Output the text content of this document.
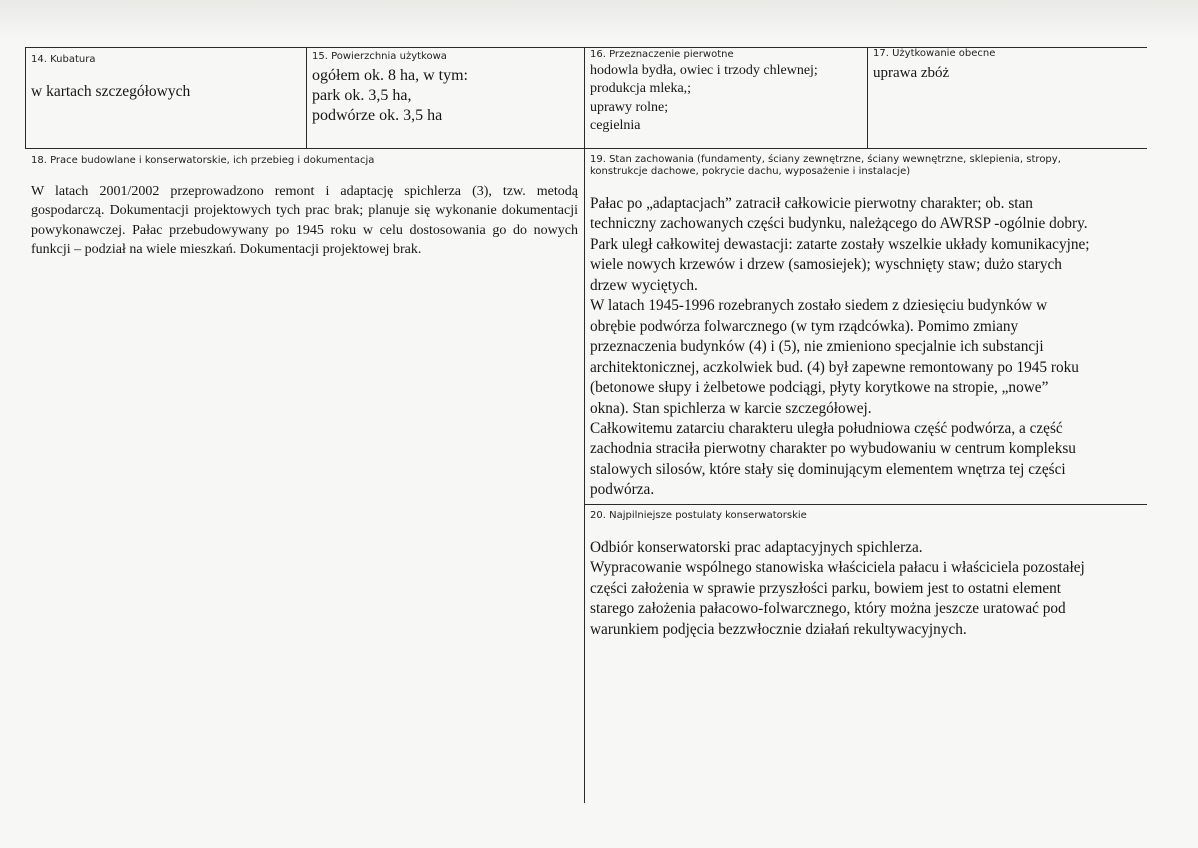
14. Kubatura
w kartach szczegółowych
15. Powierzchnia użytkowa
ogółem ok. 8 ha, w tym:
park ok. 3,5 ha,
podwórze ok. 3,5 ha
16. Przeznaczenie pierwotne
hodowla bydła, owiec i trzody chlewnej;
produkcja mleka,;
uprawy rolne;
cegielnia
17. Użytkowanie obecne
uprawa zbóż
18. Prace budowlane i konserwatorskie, ich przebieg i dokumentacja
W latach 2001/2002 przeprowadzono remont i adaptację spichlerza (3), tzw. metodą gospodarczą. Dokumentacji projektowych tych prac brak; planuje się wykonanie dokumentacji powykonawczej. Pałac przebudowywany po 1945 roku w celu dostosowania go do nowych funkcji – podział na wiele mieszkań. Dokumentacji projektowej brak.
19. Stan zachowania (fundamenty, ściany zewnętrzne, ściany wewnętrzne, sklepienia, stropy,
konstrukcje dachowe, pokrycie dachu, wyposażenie i instalacje)
Pałac po „adaptacjach” zatracił całkowicie pierwotny charakter; ob. stan
techniczny zachowanych części budynku, należącego do AWRSP -ogólnie dobry.
Park uległ całkowitej dewastacji: zatarte zostały wszelkie układy komunikacyjne;
wiele nowych krzewów i drzew (samosiejek); wyschnięty staw; dużo starych
drzew wyciętych.
W latach 1945-1996 rozebranych zostało siedem z dziesięciu budynków w
obrębie podwórza folwarcznego (w tym rządcówka). Pomimo zmiany
przeznaczenia budynków (4) i (5), nie zmieniono specjalnie ich substancji
architektonicznej, aczkolwiek bud. (4) był zapewne remontowany po 1945 roku
(betonowe słupy i żelbetowe podciągi, płyty korytkowe na stropie, „nowe”
okna). Stan spichlerza w karcie szczegółowej.
Całkowitemu zatarciu charakteru uległa południowa część podwórza, a część
zachodnia straciła pierwotny charakter po wybudowaniu w centrum kompleksu
stalowych silosów, które stały się dominującym elementem wnętrza tej części
podwórza.
20. Najpilniejsze postulaty konserwatorskie
Odbiór konserwatorski prac adaptacyjnych spichlerza.
Wypracowanie wspólnego stanowiska właściciela pałacu i właściciela pozostałej
części założenia w sprawie przyszłości parku, bowiem jest to ostatni element
starego założenia pałacowo-folwarcznego, który można jeszcze uratować pod
warunkiem podjęcia bezzwłocznie działań rekultywacyjnych.
